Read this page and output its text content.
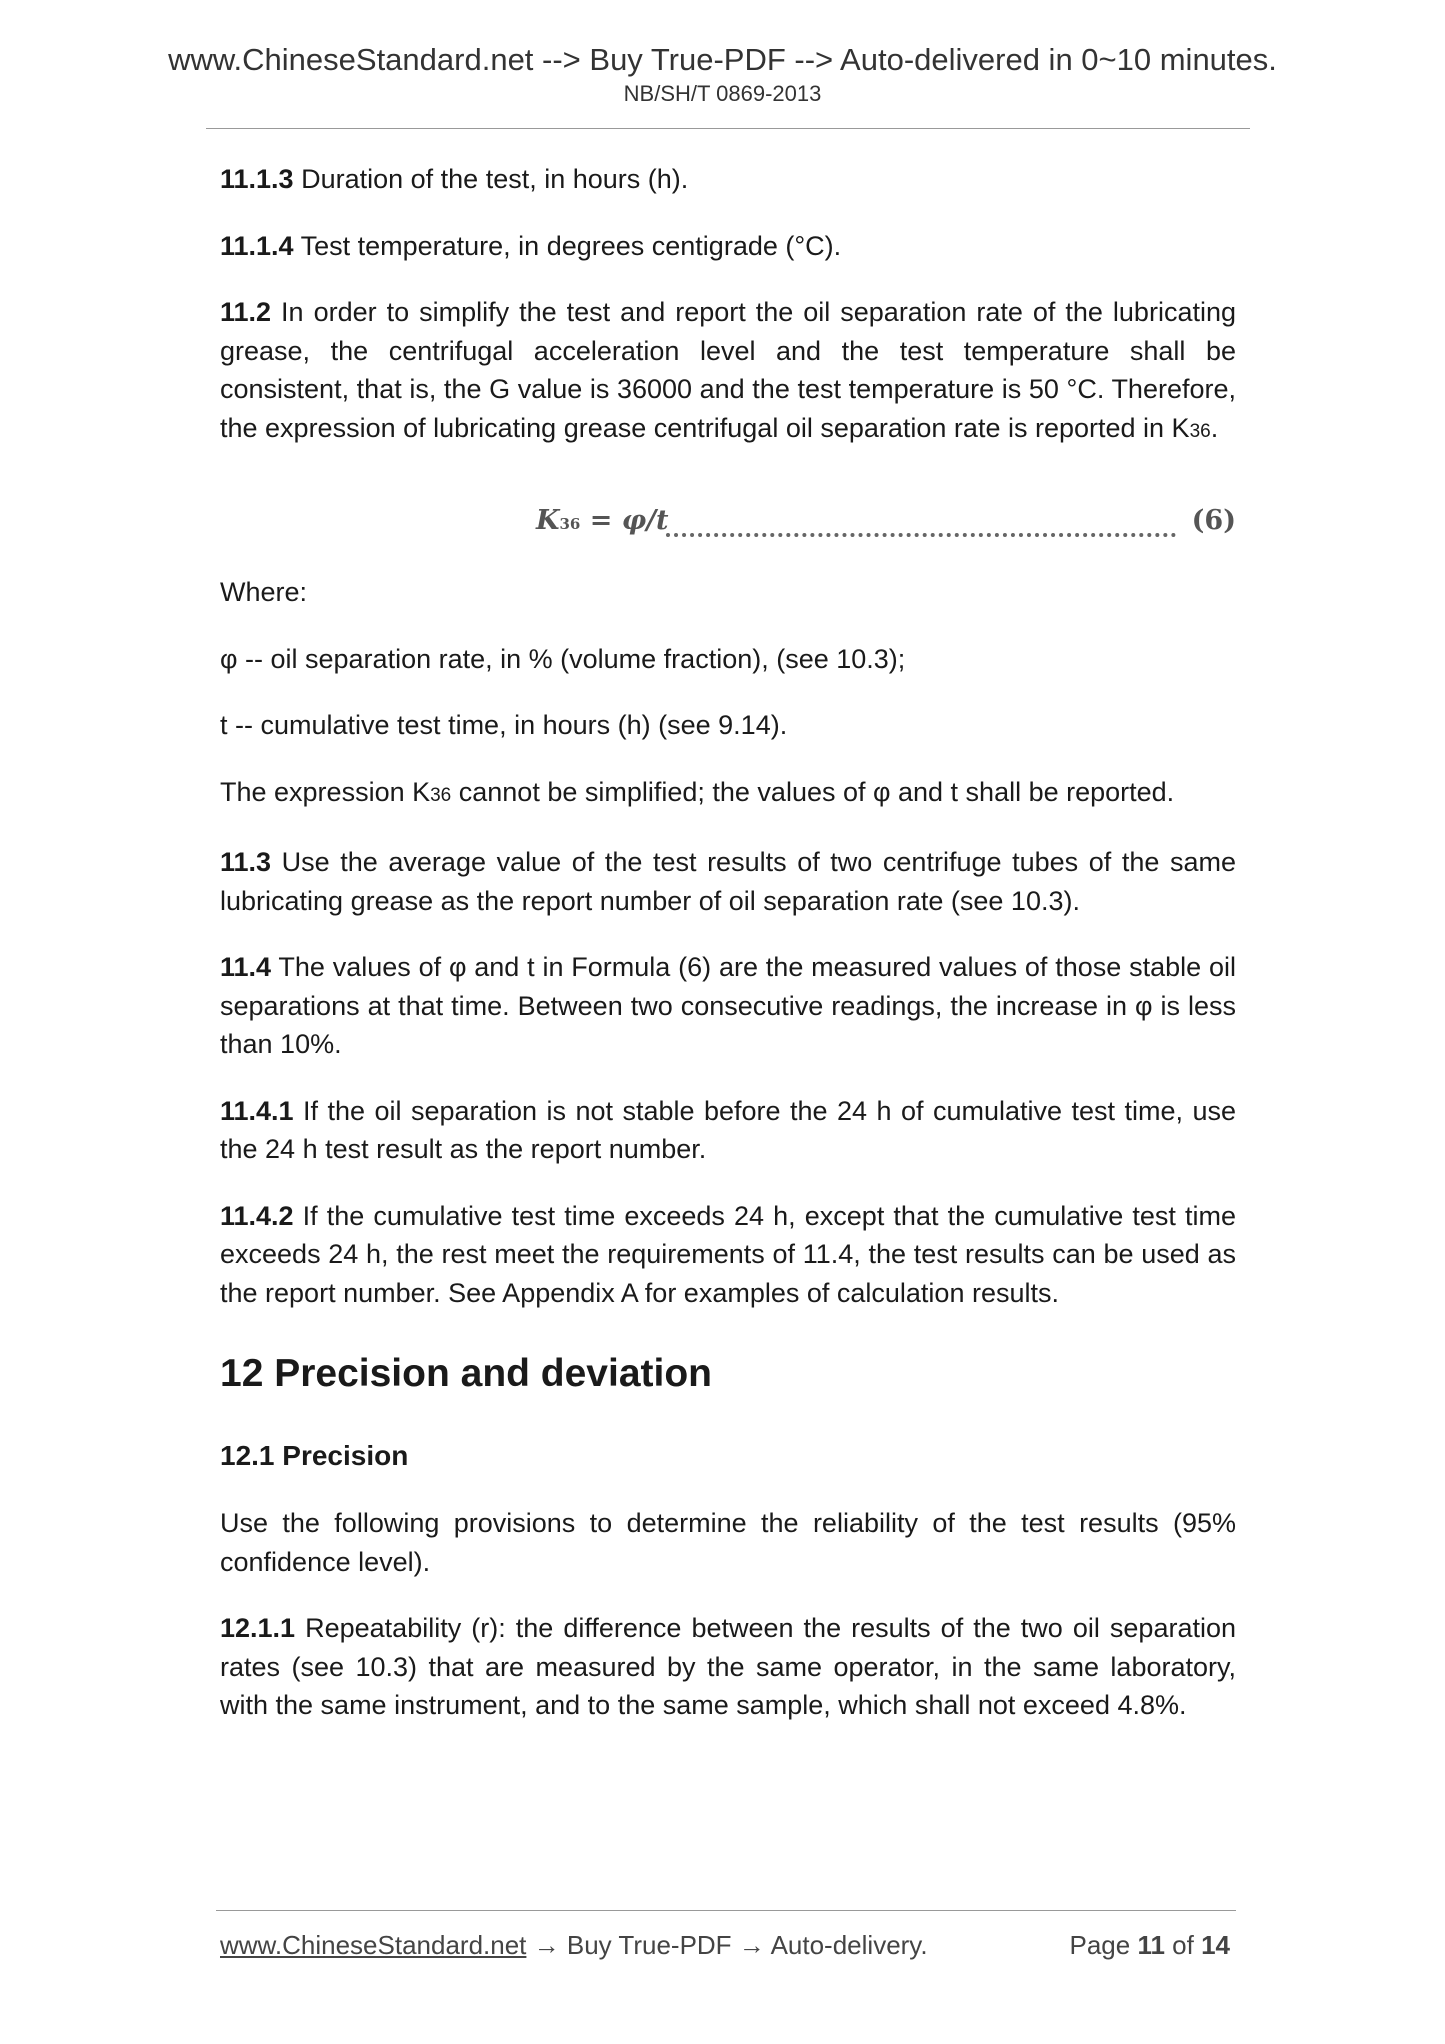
www.ChineseStandard.net --> Buy True-PDF --> Auto-delivered in 0~10 minutes.
NB/SH/T 0869-2013

11.1.3 Duration of the test, in hours (h).

11.1.4 Test temperature, in degrees centigrade (°C).

11.2 In order to simplify the test and report the oil separation rate of the lubricating grease, the centrifugal acceleration level and the test temperature shall be consistent, that is, the G value is 36000 and the test temperature is 50 °C. Therefore, the expression of lubricating grease centrifugal oil separation rate is reported in K36.

K36 = φ/t	(6)

Where:

φ -- oil separation rate, in % (volume fraction), (see 10.3);

t -- cumulative test time, in hours (h) (see 9.14).

The expression K36 cannot be simplified; the values of φ and t shall be reported.

11.3 Use the average value of the test results of two centrifuge tubes of the same lubricating grease as the report number of oil separation rate (see 10.3).

11.4 The values of φ and t in Formula (6) are the measured values of those stable oil separations at that time. Between two consecutive readings, the increase in φ is less than 10%.

11.4.1 If the oil separation is not stable before the 24 h of cumulative test time, use the 24 h test result as the report number.

11.4.2 If the cumulative test time exceeds 24 h, except that the cumulative test time exceeds 24 h, the rest meet the requirements of 11.4, the test results can be used as the report number. See Appendix A for examples of calculation results.

12 Precision and deviation
12.1 Precision

Use the following provisions to determine the reliability of the test results (95% confidence level).

12.1.1 Repeatability (r): the difference between the results of the two oil separation rates (see 10.3) that are measured by the same operator, in the same laboratory, with the same instrument, and to the same sample, which shall not exceed 4.8%.

www.ChineseStandard.net → Buy True-PDF → Auto-delivery.	Page 11 of 14
